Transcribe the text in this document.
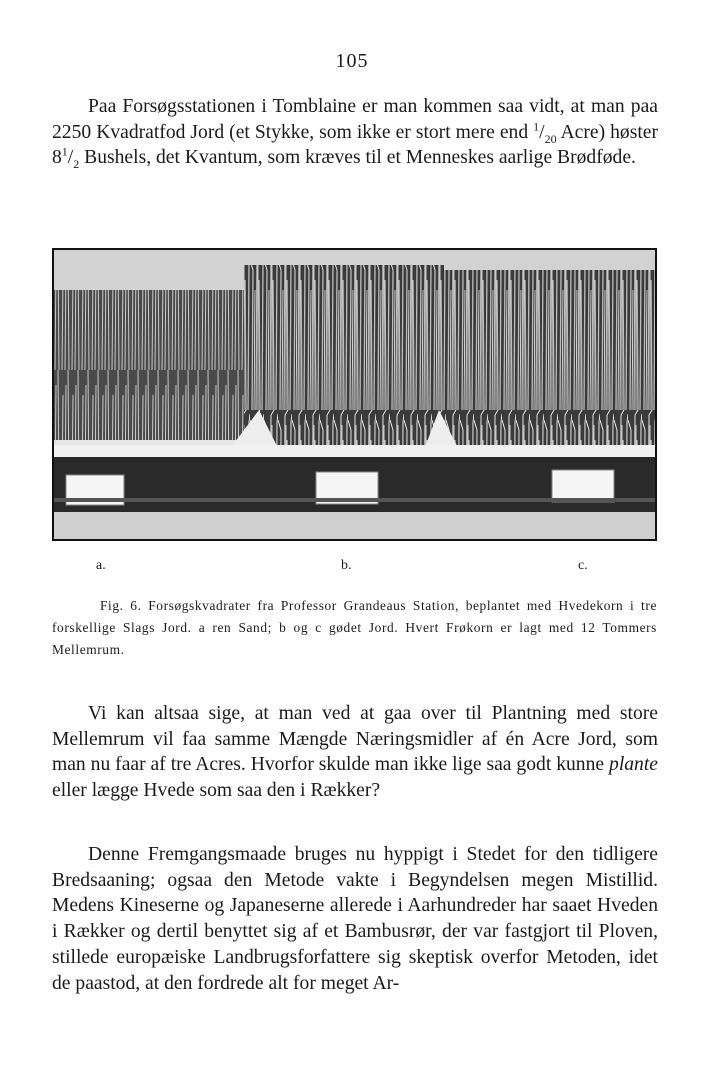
105

Paa Forsøgsstationen i Tomblaine er man kommen saa vidt, at man paa 2250 Kvadratfod Jord (et Stykke, som ikke er stort mere end $^1/_{20}$ Acre) høster $8^1/_2$ Bushels, det Kvantum, som kræves til et Menneskes aarlige Brødføde.

a.	b.	c.

Fig. 6. Forsøgskvadrater fra Professor Grandeaus Station, beplantet med Hvedekorn i tre forskellige Slags Jord. a ren Sand; b og c gødet Jord. Hvert Frøkorn er lagt med 12 Tommers Mellemrum.

Vi kan altsaa sige, at man ved at gaa over til Plantning med store Mellemrum vil faa samme Mængde Næringsmidler af én Acre Jord, som man nu faar af tre Acres. Hvorfor skulde man ikke lige saa godt kunne plante eller lægge Hvede som saa den i Rækker?

Denne Fremgangsmaade bruges nu hyppigt i Stedet for den tidligere Bredsaaning; ogsaa den Metode vakte i Begyndelsen megen Mistillid. Medens Kineserne og Japaneserne allerede i Aarhundreder har saaet Hveden i Rækker og dertil benyttet sig af et Bambusrør, der var fastgjort til Ploven, stillede europæiske Landbrugsforfattere sig skeptisk overfor Metoden, idet de paastod, at den fordrede alt for meget Ar-
